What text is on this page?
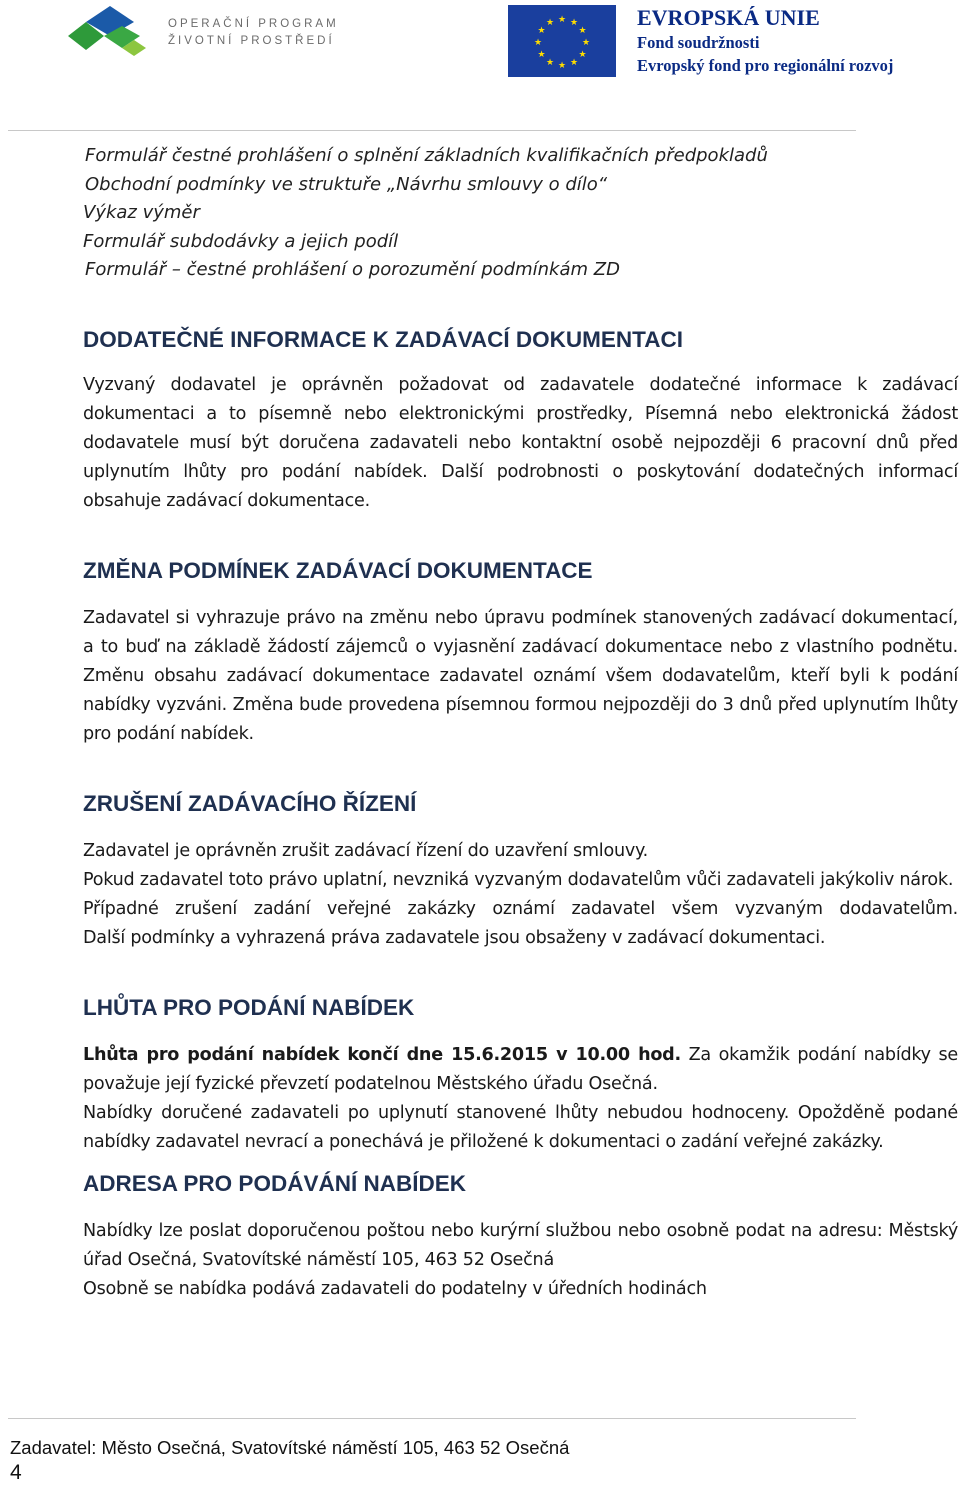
OPERAČNÍ PROGRAM
ŽIVOTNÍ PROSTŘEDÍ
★ ★
★
★
★
★
★
★
★
★
★
★	EVROPSKÁ UNIE
Fond soudržnosti
Evropský fond pro regionální rozvoj
Formulář čestné prohlášení o splnění základních kvalifikačních předpokladů
Obchodní podmínky ve struktuře „Návrhu smlouvy o dílo“
Výkaz výměr
Formulář subdodávky a jejich podíl
Formulář – čestné prohlášení o porozumění podmínkám ZD
DODATEČNÉ INFORMACE K ZADÁVACÍ DOKUMENTACI

Vyzvaný dodavatel je oprávněn požadovat od zadavatele dodatečné informace k zadávací dokumentaci a to písemně nebo elektronickými prostředky, Písemná nebo elektronická žádost dodavatele musí být doručena zadavateli nebo kontaktní osobě nejpozději 6 pracovní dnů před uplynutím lhůty pro podání nabídek. Další podrobnosti o poskytování dodatečných informací obsahuje zadávací dokumentace.

ZMĚNA PODMÍNEK ZADÁVACÍ DOKUMENTACE

Zadavatel si vyhrazuje právo na změnu nebo úpravu podmínek stanovených zadávací dokumentací, a to buď na základě žádostí zájemců o vyjasnění zadávací dokumentace nebo z vlastního podnětu. Změnu obsahu zadávací dokumentace zadavatel oznámí všem dodavatelům, kteří byli k podání nabídky vyzváni. Změna bude provedena písemnou formou nejpozději do 3 dnů před uplynutím lhůty pro podání nabídek.

ZRUŠENÍ ZADÁVACÍHO ŘÍZENÍ

Zadavatel je oprávněn zrušit zadávací řízení do uzavření smlouvy.

Pokud zadavatel toto právo uplatní, nevzniká vyzvaným dodavatelům vůči zadavateli jakýkoliv nárok.

Případné zrušení zadání veřejné zakázky oznámí zadavatel všem vyzvaným dodavatelům.

Další podmínky a vyhrazená práva zadavatele jsou obsaženy v zadávací dokumentaci.

LHŮTA PRO PODÁNÍ NABÍDEK

Lhůta pro podání nabídek končí dne 15.6.2015 v 10.00 hod. Za okamžik podání nabídky se považuje její fyzické převzetí podatelnou Městského úřadu Osečná.

Nabídky doručené zadavateli po uplynutí stanovené lhůty nebudou hodnoceny. Opožděně podané nabídky zadavatel nevrací a ponechává je přiložené k dokumentaci o zadání veřejné zakázky.

ADRESA PRO PODÁVÁNÍ NABÍDEK

Nabídky lze poslat doporučenou poštou nebo kurýrní službou nebo osobně podat na adresu: Městský úřad Osečná, Svatovítské náměstí 105, 463 52 Osečná

Osobně se nabídka podává zadavateli do podatelny v úředních hodinách

Zadavatel: Město Osečná, Svatovítské náměstí 105, 463 52 Osečná
4
